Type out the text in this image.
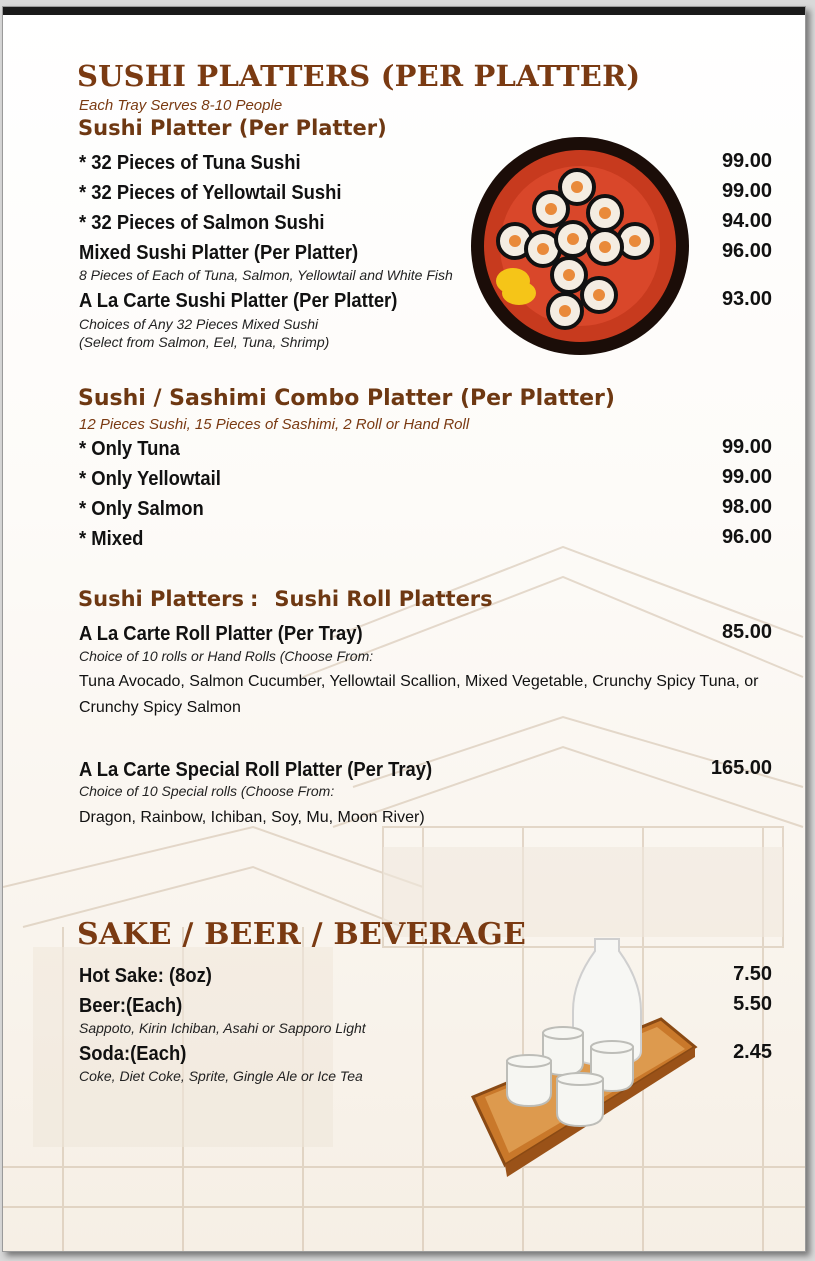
SUSHI PLATTERS (PER PLATTER)
Each Tray Serves 8-10 People
Sushi Platter (Per Platter)
* 32 Pieces of Tuna Sushi	99.00
* 32 Pieces of Yellowtail Sushi	99.00
* 32 Pieces of Salmon Sushi	94.00
Mixed Sushi Platter (Per Platter)	96.00
8 Pieces of Each of Tuna, Salmon, Yellowtail and White Fish
A La Carte Sushi Platter (Per Platter)	93.00
Choices of Any 32 Pieces Mixed Sushi
(Select from Salmon, Eel, Tuna, Shrimp)
Sushi / Sashimi Combo Platter (Per Platter)
12 Pieces Sushi, 15 Pieces of Sashimi, 2 Roll or Hand Roll
* Only Tuna	99.00
* Only Yellowtail	99.00
* Only Salmon	98.00
* Mixed	96.00
Sushi Platters : Sushi Roll Platters
A La Carte Roll Platter (Per Tray)	85.00
Choice of 10 rolls or Hand Rolls (Choose From:
Tuna Avocado, Salmon Cucumber, Yellowtail Scallion, Mixed Vegetable, Crunchy Spicy Tuna, or Crunchy Spicy Salmon
A La Carte Special Roll Platter (Per Tray)	165.00
Choice of 10 Special rolls (Choose From:
Dragon, Rainbow, Ichiban, Soy, Mu, Moon River)
SAKE / BEER / BEVERAGE
Hot Sake: (8oz)	7.50
Beer:(Each)	5.50
Sappoto, Kirin Ichiban, Asahi or Sapporo Light
Soda:(Each)	2.45
Coke, Diet Coke, Sprite, Gingle Ale or Ice Tea
